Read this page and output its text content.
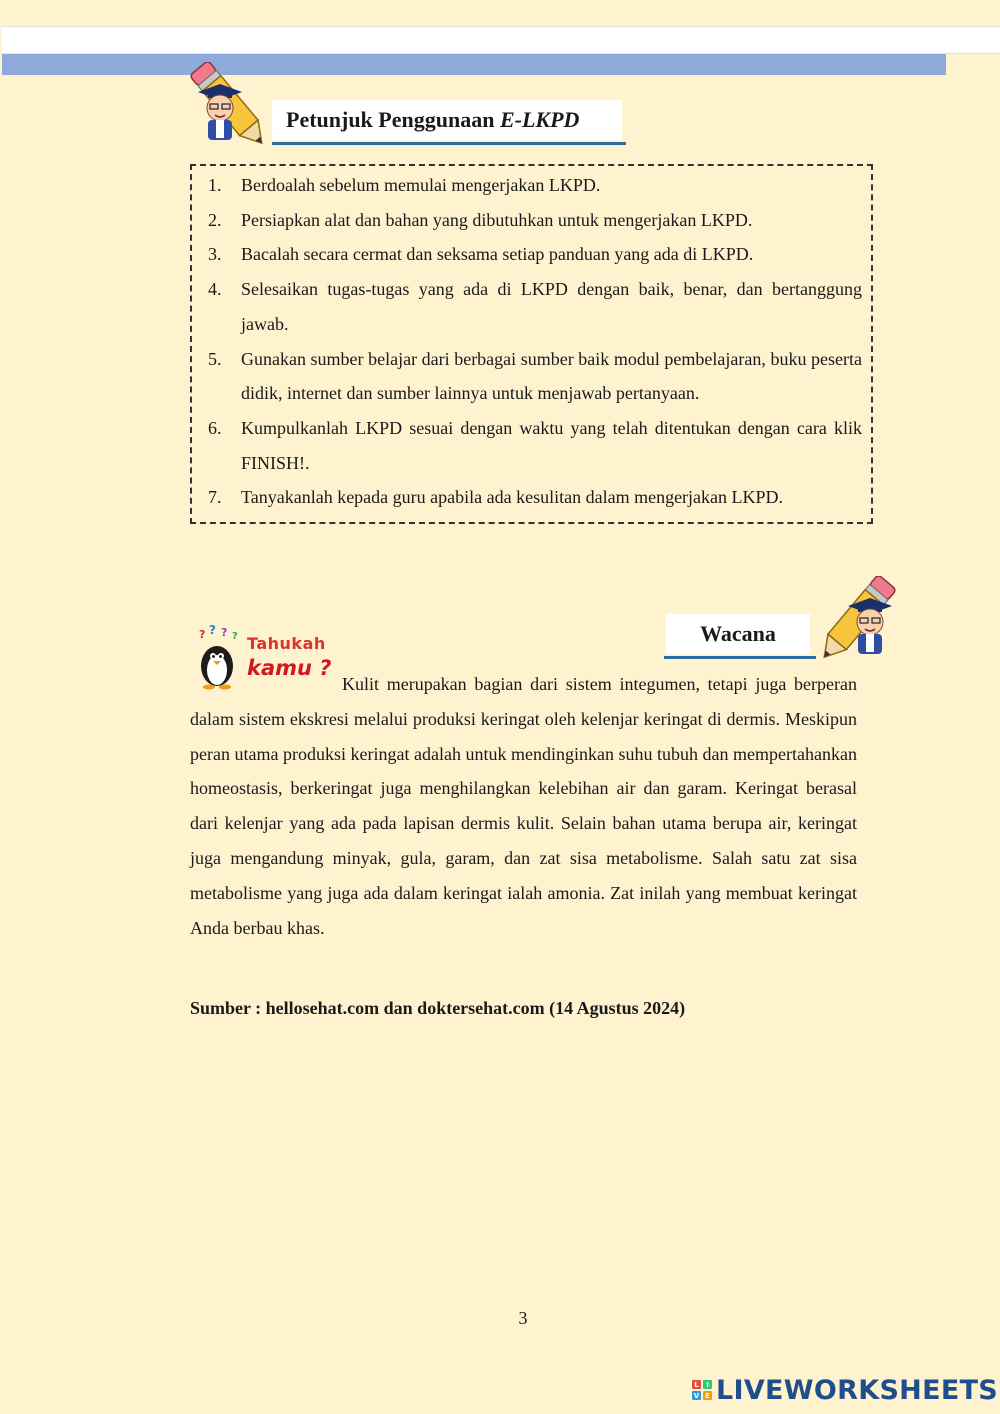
Petunjuk Penggunaan E-LKPD
1. Berdoalah sebelum memulai mengerjakan LKPD.
2. Persiapkan alat dan bahan yang dibutuhkan untuk mengerjakan LKPD.
3. Bacalah secara cermat dan seksama setiap panduan yang ada di LKPD.
4. Selesaikan tugas-tugas yang ada di LKPD dengan baik, benar, dan bertanggung jawab.
5. Gunakan sumber belajar dari berbagai sumber baik modul pembelajaran, buku peserta didik, internet dan sumber lainnya untuk menjawab pertanyaan.
6. Kumpulkanlah LKPD sesuai dengan waktu yang telah ditentukan dengan cara klik FINISH!.
7. Tanyakanlah kepada guru apabila ada kesulitan dalam mengerjakan LKPD.
Wacana
? ? ? ? Tahukah
kamu ?

Kulit merupakan bagian dari sistem integumen, tetapi juga berperan dalam sistem ekskresi melalui produksi keringat oleh kelenjar keringat di dermis. Meskipun peran utama produksi keringat adalah untuk mendinginkan suhu tubuh dan mempertahankan homeostasis, berkeringat juga menghilangkan kelebihan air dan garam. Keringat berasal dari kelenjar yang ada pada lapisan dermis kulit. Selain bahan utama berupa air, keringat juga mengandung minyak, gula, garam, dan zat sisa metabolisme. Salah satu zat sisa metabolisme yang juga ada dalam keringat ialah amonia. Zat inilah yang membuat keringat Anda berbau khas.

Sumber : hellosehat.com dan doktersehat.com (14 Agustus 2024)

3
L	I
V E LIVEWORKSHEETS
